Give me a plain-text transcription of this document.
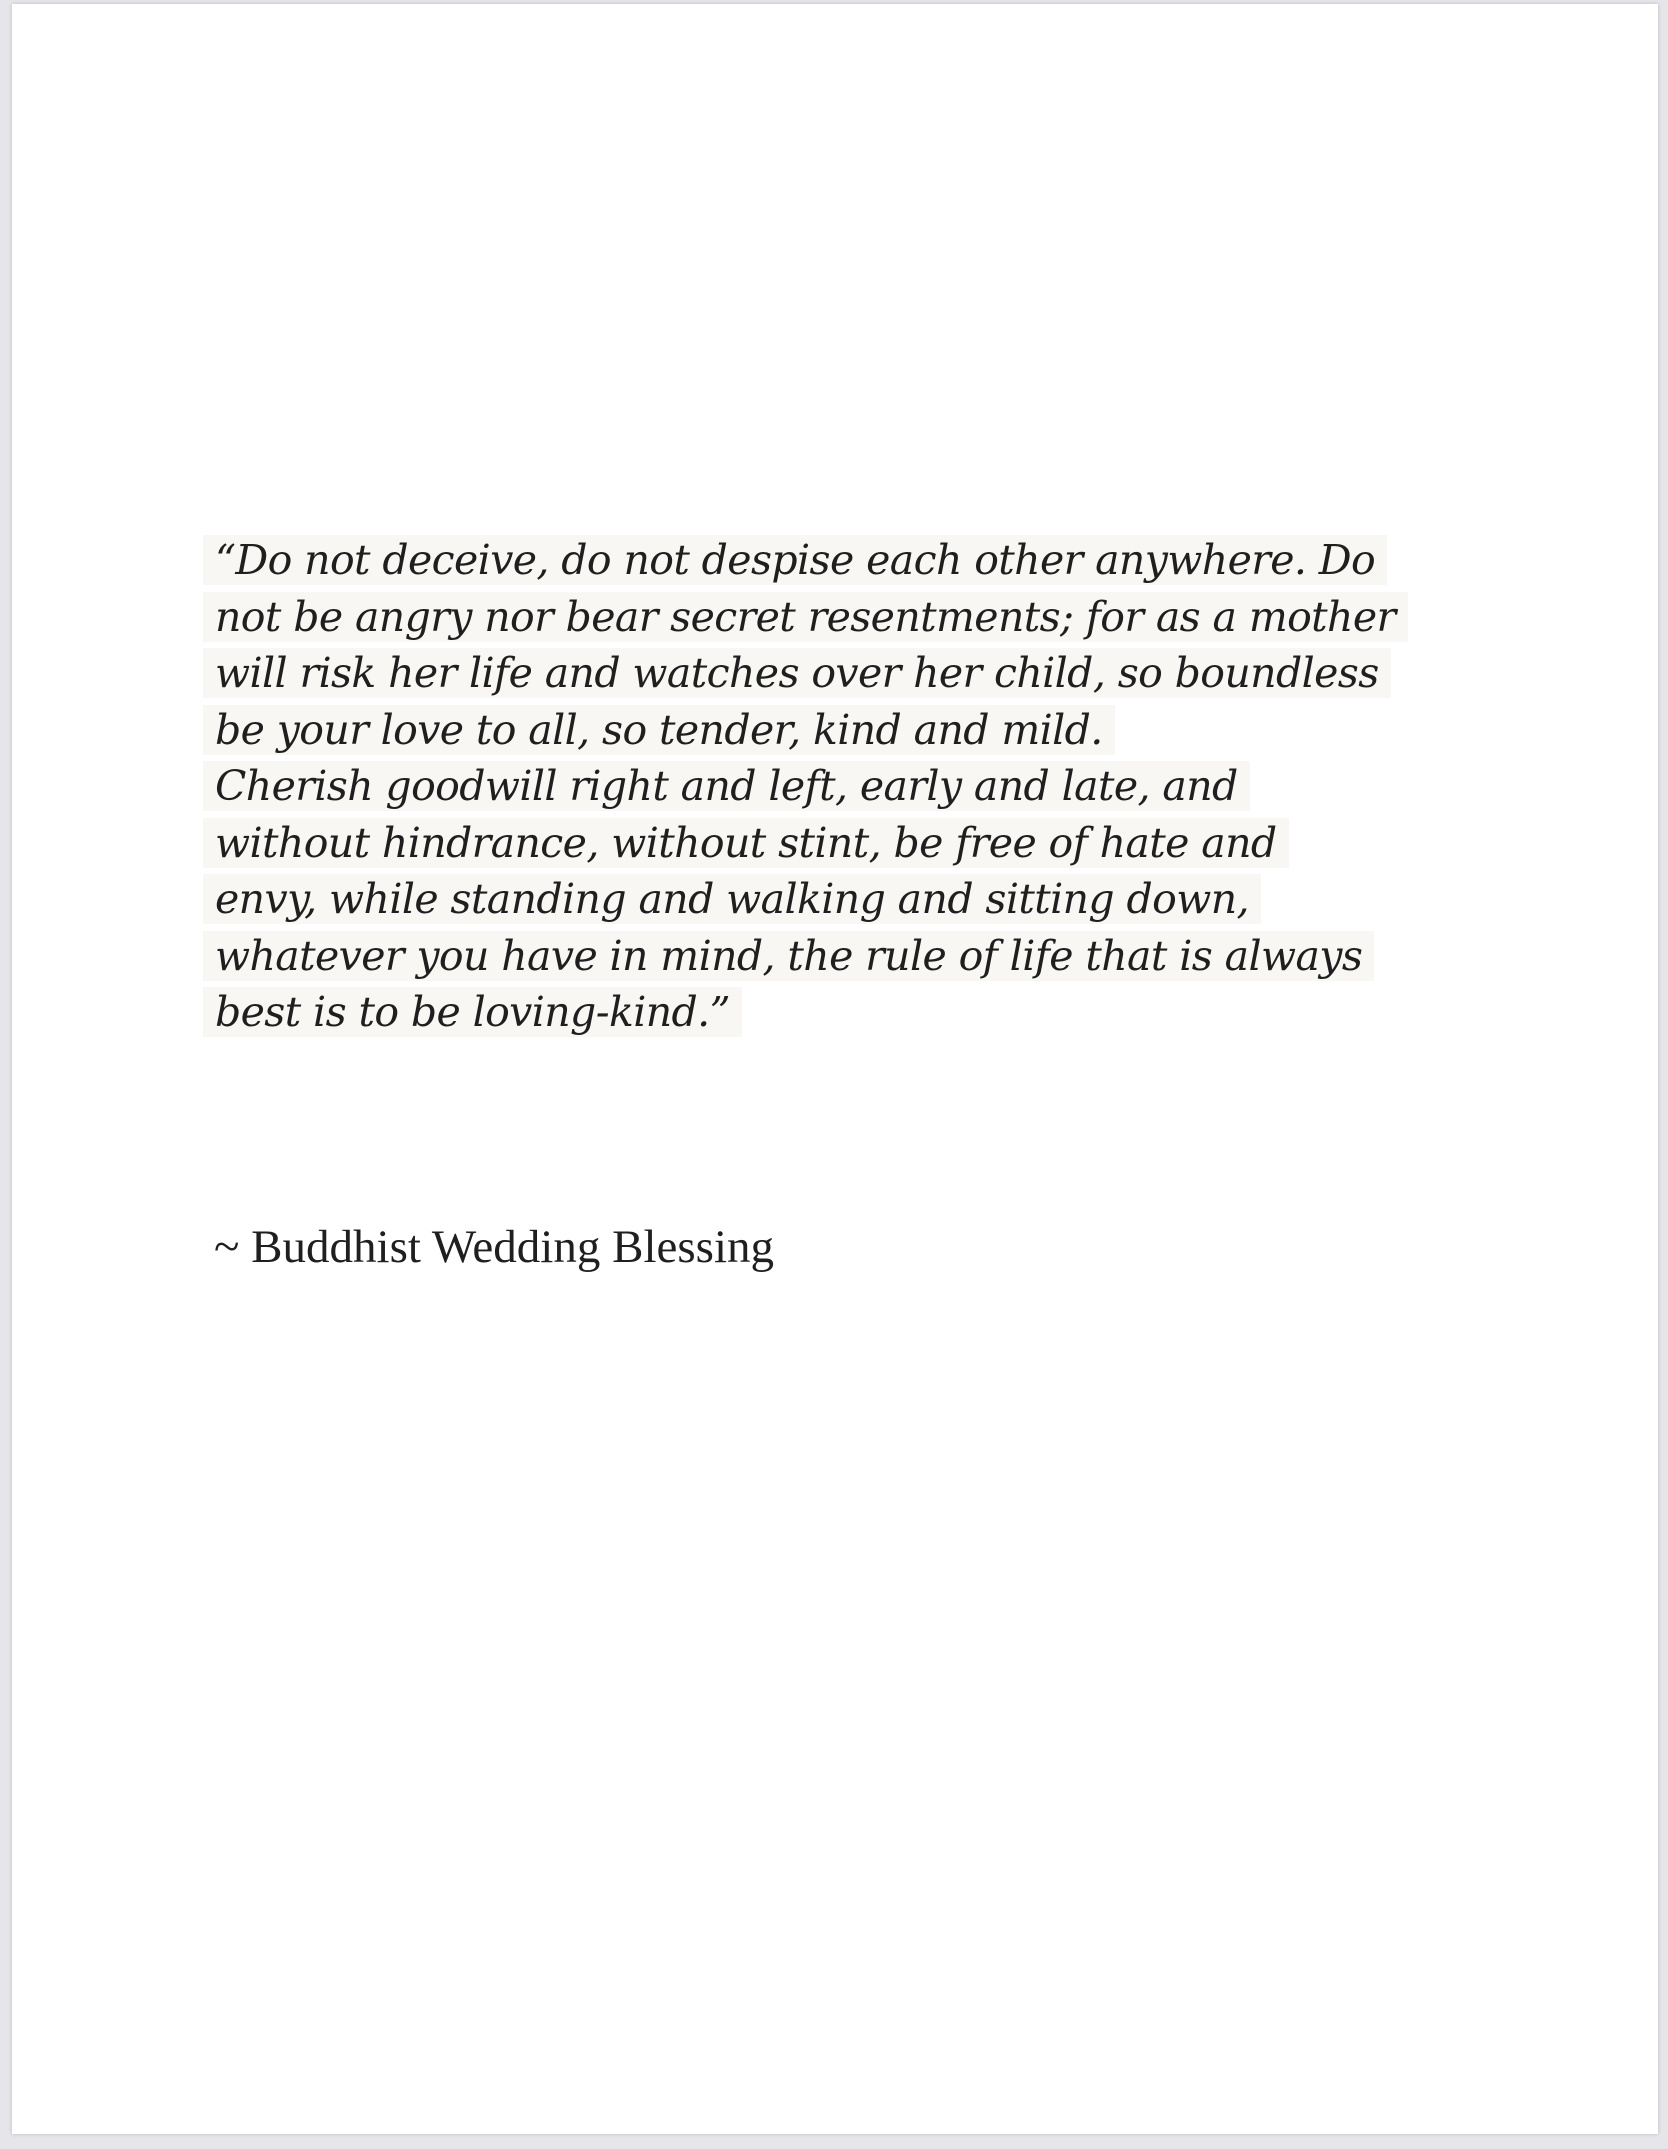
“Do not deceive, do not despise each other anywhere. Do
not be angry nor bear secret resentments; for as a mother
will risk her life and watches over her child, so boundless
be your love to all, so tender, kind and mild.
Cherish goodwill right and left, early and late, and
without hindrance, without stint, be free of hate and
envy, while standing and walking and sitting down,
whatever you have in mind, the rule of life that is always
best is to be loving-kind.”

~ Buddhist Wedding Blessing
